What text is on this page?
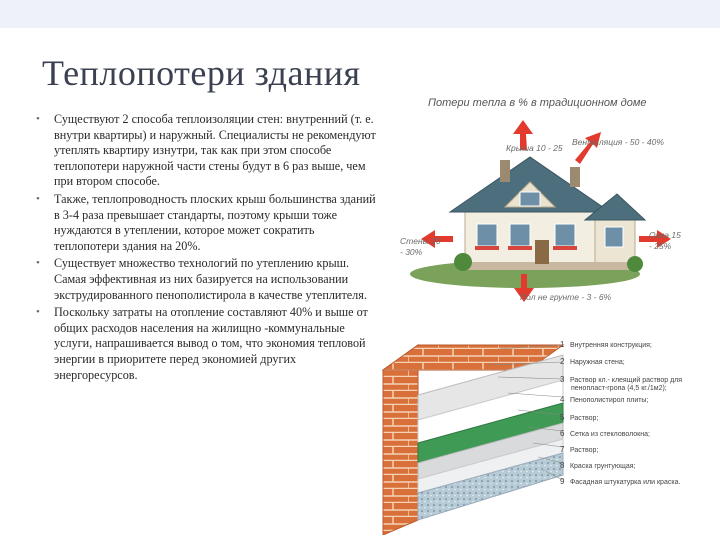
Теплопотери здания
• Существуют 2 способа теплоизоляции стен: внутренний (т. е. внутри квартиры) и наружный. Специалисты не рекомендуют утеплять квартиру изнутри, так как при этом способе теплопотери наружной части стены будут в 6 раз выше, чем при втором способе.
• Также, теплопроводность плоских крыш большинства зданий в 3-4 раза превышает стандарты, поэтому крыши тоже нуждаются в утеплении, которое может сократить теплопотери здания на 20%.
• Существует множество технологий по утеплению крыш. Самая эффективная из них базируется на использовании экструдированного пенополистирола в качестве утеплителя.
• Поскольку затраты на отопление составляют 40% и выше от общих расходов населения на жилищно -коммунальные услуги, напрашивается вывод о том, что экономия тепловой энергии в приоритете перед экономией других энергоресурсов.
Потери тепла в % в традиционном доме
Крыша 10 - 25
Вентиляция - 50 - 40%
Стены 20
- 30%
Окна 15
- 25%
Пол не грунте - 3 - 6%
1 Внутренняя конструкция;
2 Наружная стена;
3 Раствор кл.- клеящий раствор для
пенопласт-гропа (4,5 кг./1м2);
4 Пенополистирол плиты;
5 Раствор;
6 Сетка из стекловолокна;
7 Раствор;
8 Краска грунтующая;
9 Фасадная штукатурка или краска.
